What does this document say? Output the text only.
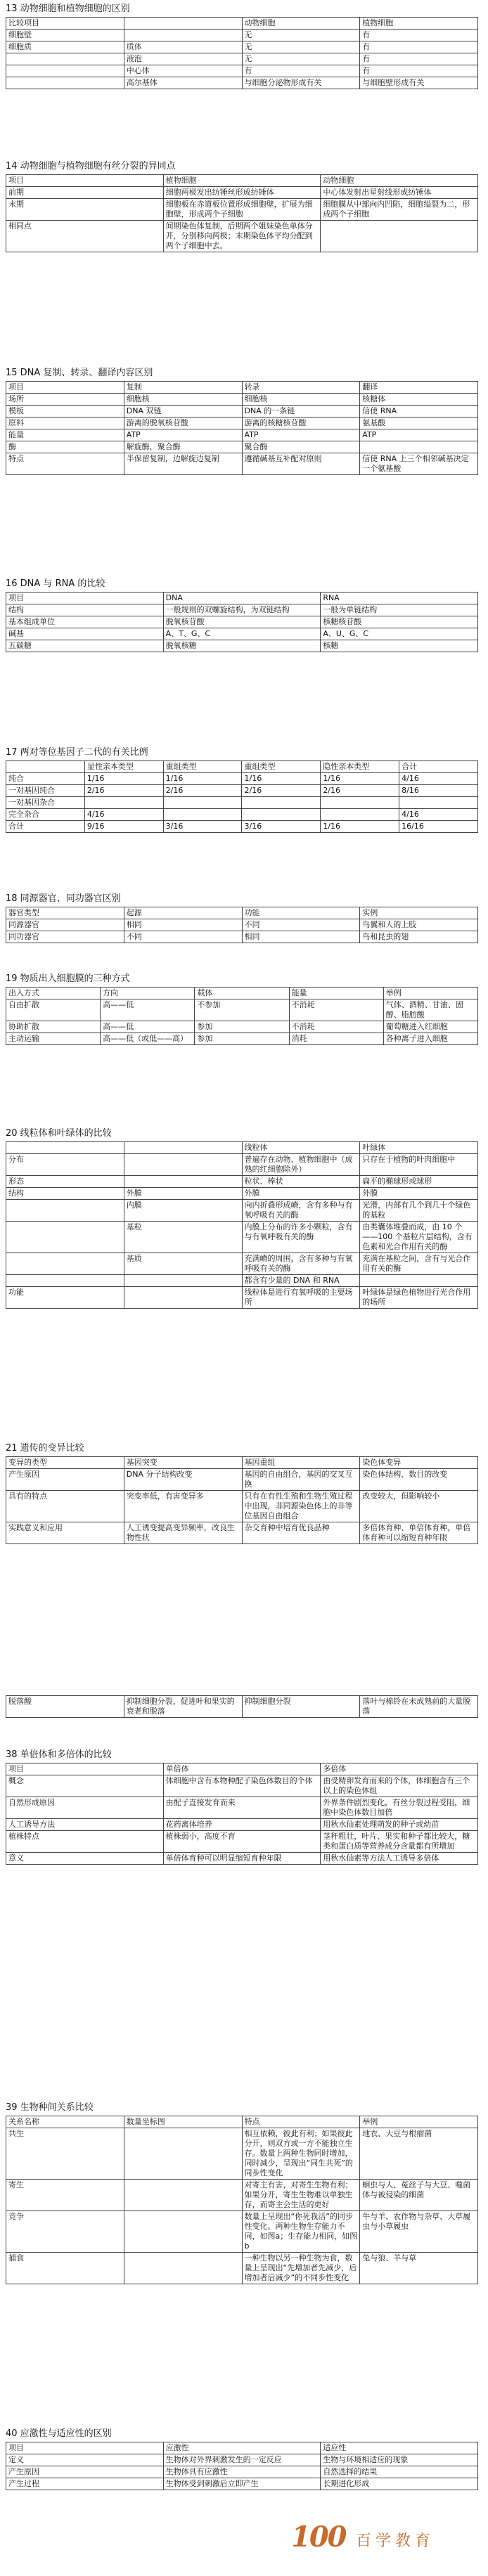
13 动物细胞和植物细胞的区别
比较项目		动物细胞	植物细胞
细胞壁		无	有
细胞质	质体	无	有
	液泡	无	有
	中心体	有	有
	高尔基体	与细胞分泌物形成有关	与细胞壁形成有关
14 动物细胞与植物细胞有丝分裂的异同点
项目	植物细胞	动物细胞
前期	细胞两极发出纺锤丝形成纺锤体	中心体发射出星射线形成纺锤体
末期	细胞板在赤道板位置形成细胞壁，扩展为细胞壁，形成两个子细胞	细胞膜从中部向内凹陷，细胞缢裂为二，形成两个子细胞
相同点	间期染色体复制，后期两个姐妹染色单体分开，分别移向两极；末期染色体平均分配到两个子细胞中去。	
15 DNA 复制、转录、翻译内容区别
项目	复制	转录	翻译
场所	细胞核	细胞核	核糖体
模板	DNA 双链	DNA 的一条链	信使 RNA
原料	游离的脱氧核苷酸	游离的核糖核苷酸	氨基酸
能量	ATP	ATP	ATP
酶	解旋酶，聚合酶	聚合酶	
特点	半保留复制，边解旋边复制	遵循碱基互补配对原则	信使 RNA 上三个相邻碱基决定一个氨基酸
16 DNA 与 RNA 的比较
项目	DNA	RNA
结构	一般规则的双螺旋结构，为双链结构	一般为单链结构
基本组成单位	脱氧核苷酸	核糖核苷酸
碱基	A、T、G、C	A、U、G、C
五碳糖	脱氧核糖	核糖
17 两对等位基因子二代的有关比例
	显性亲本类型	重组类型	重组类型	隐性亲本类型	合计
纯合	1/16	1/16	1/16	1/16	4/16
一对基因纯合	2/16	2/16	2/16	2/16	8/16
一对基因杂合					
完全杂合	4/16				4/16
合计	9/16	3/16	3/16	1/16	16/16
18 同源器官、同功器官区别
器官类型	起源	功能	实例
同源器官	相同	不同	鸟翼和人的上肢
同功器官	不同	相同	鸟和昆虫的翅
19 物质出入细胞膜的三种方式
出入方式	方向	载体	能量	举例
自由扩散	高——低	不参加	不消耗	气体、酒精、甘油、固醇、脂肪酸
协助扩散	高——低	参加	不消耗	葡萄糖进入红细胞
主动运输	高——低（或低——高）	参加	消耗	各种离子进入细胞
20 线粒体和叶绿体的比较
		线粒体	叶绿体
分布		普遍存在动物、植物细胞中（成熟的红细胞除外）	只存在于植物的叶肉细胞中
形态		粒状、棒状	扁平的椭球形或球形
结构	外膜	外膜	外膜
	内膜	向内折叠形成嵴，含有多种与有氧呼吸有关的酶	光滑，内部有几个到几十个绿色的基粒
	基粒	内膜上分布的许多小颗粒，含有与有氧呼吸有关的酶	由类囊体堆叠而成，由 10 个——100 个基粒片层结构，含有色素和光合作用有关的酶
	基质	充满嵴的周围，含有多种与有氧呼吸有关的酶	充满在基粒之间，含有与光合作用有关的酶
		都含有少量的 DNA 和 RNA	
功能		线粒体是进行有氧呼吸的主要场所	叶绿体是绿色植物进行光合作用的场所
21 遗传的变异比较
变异的类型	基因突变	基因重组	染色体变异
产生原因	DNA 分子结构改变	基因的自由组合，基因的交叉互换	染色体结构、数目的改变
具有的特点	突变率低，有害变异多	只有在有性生殖和生物生殖过程中出现，非同源染色体上的非等位基因自由组合	改变较大，但影响较小
实践意义和应用	人工诱变提高变异频率，改良生物性状	杂交育种中培育优良品种	多倍体育种、单倍体育种，单倍体育种可以缩短育种年限
脱落酸	抑制细胞分裂，促进叶和果实的衰老和脱落	抑制细胞分裂	落叶与棉铃在未成熟前的大量脱落
38 单倍体和多倍体的比较
项目	单倍体	多倍体
概念	体细胞中含有本物种配子染色体数目的个体	由受精卵发育而来的个体，体细胞含有三个以上的染色体组
自然形成原因	由配子直接发育而来	外界条件剧烈变化，有丝分裂过程受阻，细胞中染色体数目加倍
人工诱导方法	花药离体培养	用秋水仙素处理萌发的种子或幼苗
植株特点	植株弱小，高度不育	茎秆粗壮，叶片、果实和种子都比较大，糖类和蛋白质等营养成分含量都有所增加
意义	单倍体育种可以明显缩短育种年限	用秋水仙素等方法人工诱导多倍体
39 生物种间关系比较
关系名称	数量坐标图	特点	举例
共生		相互依赖，彼此有利；如果彼此分开，则双方或一方不能独立生存。数量上两种生物同时增加，同时减少，呈现出“同生共死”的同步性变化	地衣、大豆与根瘤菌
寄生		对寄主有害，对寄生生物有利；如果分开，寄生生物难以单独生存，而寄主会生活的更好	蛔虫与人、菟丝子与大豆、噬菌体与被侵染的细菌
竞争		数量上呈现出“你死我活”的同步性变化。两种生物生存能力不同，如图a；生存能力相同，如图b	牛与羊、农作物与杂草、大草履虫与小草履虫
捕食		一种生物以另一种生物为食，数量上呈现出“先增加者先减少，后增加者后减少”的不同步性变化	兔与狼、羊与草
40 应激性与适应性的区别
项目	应激性	适应性
定义	生物体对外界刺激发生的一定反应	生物与环境相适应的现象
产生原因	生物体具有应激性	自然选择的结果
产生过程	生物体受到刺激后立即产生	长期进化形成
100 百学教育
